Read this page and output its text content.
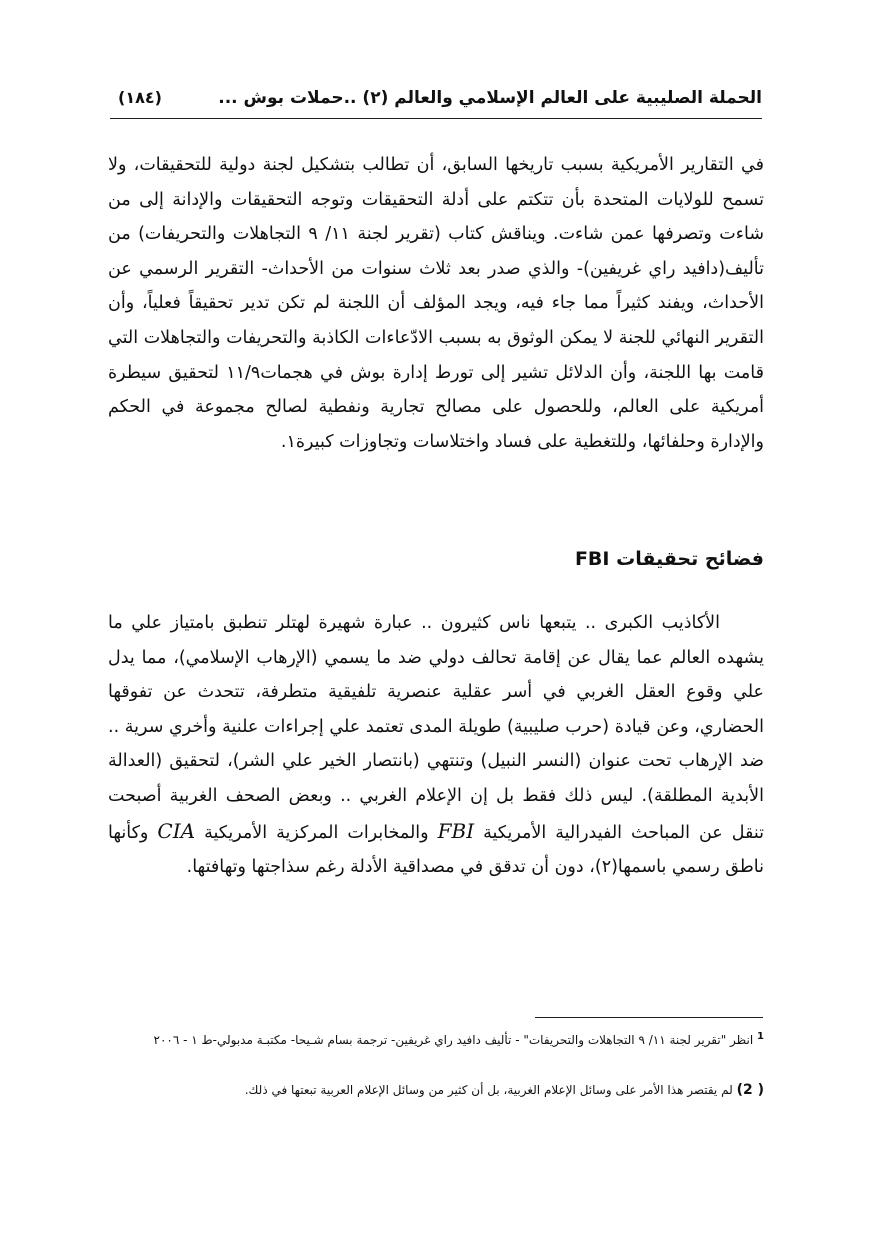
الحملة الصليبية على العالم الإسلامي والعالم (٢) ..حملات بوش ...
(١٨٤)

في التقارير الأمريكية بسبب تاريخها السابق، أن تطالب بتشكيل لجنة دولية للتحقيقات، ولا تسمح للولايات المتحدة بأن تتكتم على أدلة التحقيقات وتوجه التحقيقات والإدانة إلى من شاءت وتصرفها عمن شاءت. ويناقش كتاب (تقرير لجنة ١١/ ٩ التجاهلات والتحريفات) من تأليف(دافيد راي غريفين)- والذي صدر بعد ثلاث سنوات من الأحداث- التقرير الرسمي عن الأحداث، ويفند كثيراً مما جاء فيه، ويجد المؤلف أن اللجنة لم تكن تدير تحقيقاً فعلياً، وأن التقرير النهائي للجنة لا يمكن الوثوق به بسبب الادّعاءات الكاذبة والتحريفات والتجاهلات التي قامت بها اللجنة، وأن الدلائل تشير إلى تورط إدارة بوش في هجمات١١/٩ لتحقيق سيطرة أمريكية على العالم، وللحصول على مصالح تجارية ونفطية لصالح مجموعة في الحكم والإدارة وحلفائها، وللتغطية على فساد واختلاسات وتجاوزات كبيرة١.

فضائح تحقيقات FBI

الأكاذيب الكبرى .. يتبعها ناس كثيرون .. عبارة شهيرة لهتلر تنطبق بامتياز علي ما يشهده العالم عما يقال عن إقامة تحالف دولي ضد ما يسمي (الإرهاب الإسلامي)، مما يدل علي وقوع العقل الغربي في أسر عقلية عنصرية تلفيقية متطرفة، تتحدث عن تفوقها الحضاري، وعن قيادة (حرب صليبية) طويلة المدى تعتمد علي إجراءات علنية وأخري سرية .. ضد الإرهاب تحت عنوان (النسر النبيل) وتنتهي (بانتصار الخير علي الشر)، لتحقيق (العدالة الأبدية المطلقة). ليس ذلك فقط بل إن الإعلام الغربي .. وبعض الصحف الغربية أصبحت تنقل عن المباحث الفيدرالية الأمريكية FBI والمخابرات المركزية الأمريكية CIA وكأنها ناطق رسمي باسمها(٢)، دون أن تدقق في مصداقية الأدلة رغم سذاجتها وتهافتها.

$^1$ انظر "تقرير لجنة ١١/ ٩ التجاهلات والتحريفات" - تأليف دافيد راي غريفين- ترجمة بسام شـيحا- مكتبـة مدبولي-ط ١ - ٢٠٠٦

( 2) لم يقتصر هذا الأمر على وسائل الإعلام الغربية، بل أن كثير من وسائل الإعلام العربية تبعتها في ذلك.
